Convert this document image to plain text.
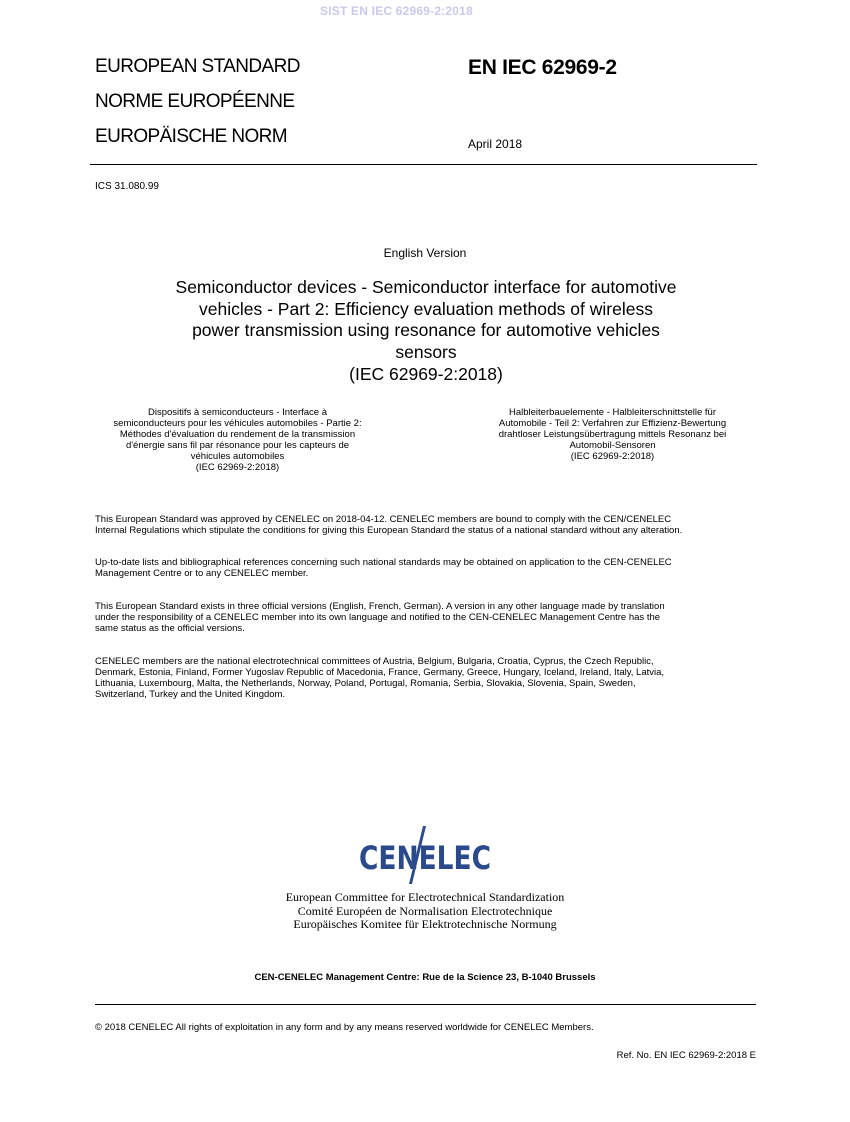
SIST EN IEC 62969-2:2018
EUROPEAN STANDARD
NORME EUROPÉENNE
EUROPÄISCHE NORM
EN IEC 62969-2
April 2018
ICS 31.080.99
English Version
Semiconductor devices - Semiconductor interface for automotive
vehicles - Part 2: Efficiency evaluation methods of wireless
power transmission using resonance for automotive vehicles
sensors
(IEC 62969-2:2018)
Dispositifs à semiconducteurs - Interface à
semiconducteurs pour les véhicules automobiles - Partie 2:
Méthodes d'évaluation du rendement de la transmission
d'énergie sans fil par résonance pour les capteurs de
véhicules automobiles
(IEC 62969-2:2018)
Halbleiterbauelemente - Halbleiterschnittstelle für
Automobile - Teil 2: Verfahren zur Effizienz-Bewertung
drahtloser Leistungsübertragung mittels Resonanz bei
Automobil-Sensoren
(IEC 62969-2:2018)
This European Standard was approved by CENELEC on 2018-04-12. CENELEC members are bound to comply with the CEN/CENELEC
Internal Regulations which stipulate the conditions for giving this European Standard the status of a national standard without any alteration.
Up-to-date lists and bibliographical references concerning such national standards may be obtained on application to the CEN-CENELEC
Management Centre or to any CENELEC member.
This European Standard exists in three official versions (English, French, German). A version in any other language made by translation
under the responsibility of a CENELEC member into its own language and notified to the CEN-CENELEC Management Centre has the
same status as the official versions.
CENELEC members are the national electrotechnical committees of Austria, Belgium, Bulgaria, Croatia, Cyprus, the Czech Republic,
Denmark, Estonia, Finland, Former Yugoslav Republic of Macedonia, France, Germany, Greece, Hungary, Iceland, Ireland, Italy, Latvia,
Lithuania, Luxembourg, Malta, the Netherlands, Norway, Poland, Portugal, Romania, Serbia, Slovakia, Slovenia, Spain, Sweden,
Switzerland, Turkey and the United Kingdom.
CENELEC
European Committee for Electrotechnical Standardization
Comité Européen de Normalisation Electrotechnique
Europäisches Komitee für Elektrotechnische Normung
CEN-CENELEC Management Centre: Rue de la Science 23, B-1040 Brussels
© 2018 CENELEC All rights of exploitation in any form and by any means reserved worldwide for CENELEC Members.
Ref. No. EN IEC 62969-2:2018 E
